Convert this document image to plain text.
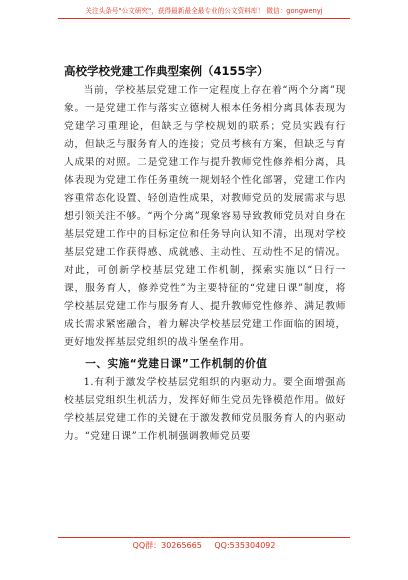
关注头条号"公文研究"，获得最新最全最专业的公文资料库！ 微信：gongwenyj
高校学校党建工作典型案例（4155字）

当前，学校基层党建工作一定程度上存在着“两个分离”现象。一是党建工作与落实立德树人根本任务相分离具体表现为党建学习重理论，但缺乏与学校规划的联系；党员实践有行动，但缺乏与服务育人的连接；党员考核有方案，但缺乏与育人成果的对照。二是党建工作与提升教师党性修养相分离，具体表现为党建工作任务重统一规划轻个性化部署，党建工作内容重常态化设置、轻创造性成果，对教师党员的发展需求与思想引领关注不够。“两个分离”现象容易导致教师党员对自身在基层党建工作中的目标定位和任务导向认知不清，出现对学校基层党建工作获得感、成就感、主动性、互动性不足的情况。对此，可创新学校基层党建工作机制，探索实施以“日行一课，服务育人，修养党性”为主要特征的“党建日课”制度，将学校基层党建工作与服务育人、提升教师党性修养、满足教师成长需求紧密融合，着力解决学校基层党建工作面临的困境，更好地发挥基层党组织的战斗堡垒作用。

一、实施“党建日课”工作机制的价值

1.有利于激发学校基层党组织的内驱动力。要全面增强高校基层党组织生机活力，发挥好师生党员先锋模范作用。做好学校基层党建工作的关键在于激发教师党员服务育人的内驱动力。“党建日课”工作机制强调教师党员要

QQ群：30265665 QQ:535304092
